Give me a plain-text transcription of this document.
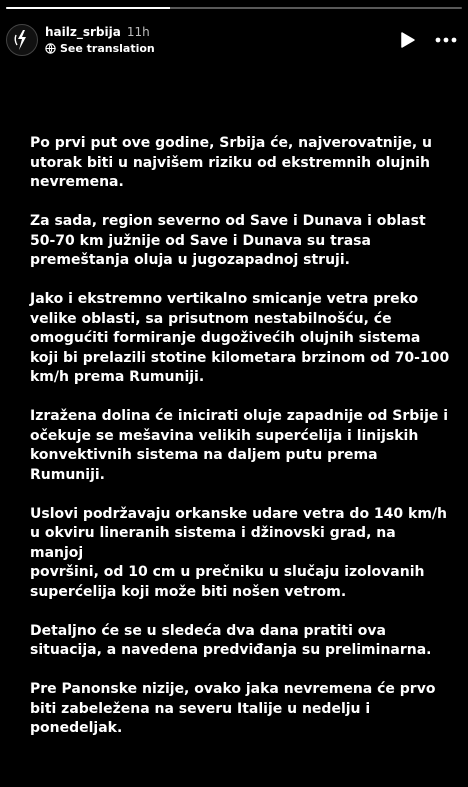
hailz_srbija 11h
See translation

Po prvi put ove godine, Srbija će, najverovatnije, u
utorak biti u najvišem riziku od ekstremnih olujnih
nevremena.

Za sada, region severno od Save i Dunava i oblast
50-70 km južnije od Save i Dunava su trasa
premeštanja oluja u jugozapadnoj struji.

Jako i ekstremno vertikalno smicanje vetra preko
velike oblasti, sa prisutnom nestabilnošću, će
omogućiti formiranje dugoživećih olujnih sistema
koji bi prelazili stotine kilometara brzinom od 70-100
km/h prema Rumuniji.

Izražena dolina će inicirati oluje zapadnije od Srbije i
očekuje se mešavina velikih superćelija i linijskih
konvektivnih sistema na daljem putu prema
Rumuniji.

Uslovi podržavaju orkanske udare vetra do 140 km/h
u okviru lineranih sistema i džinovski grad, na manjoj
površini, od 10 cm u prečniku u slučaju izolovanih
superćelija koji može biti nošen vetrom.

Detaljno će se u sledeća dva dana pratiti ova
situacija, a navedena predviđanja su preliminarna.

Pre Panonske nizije, ovako jaka nevremena će prvo
biti zabeležena na severu Italije u nedelju i
ponedeljak.
